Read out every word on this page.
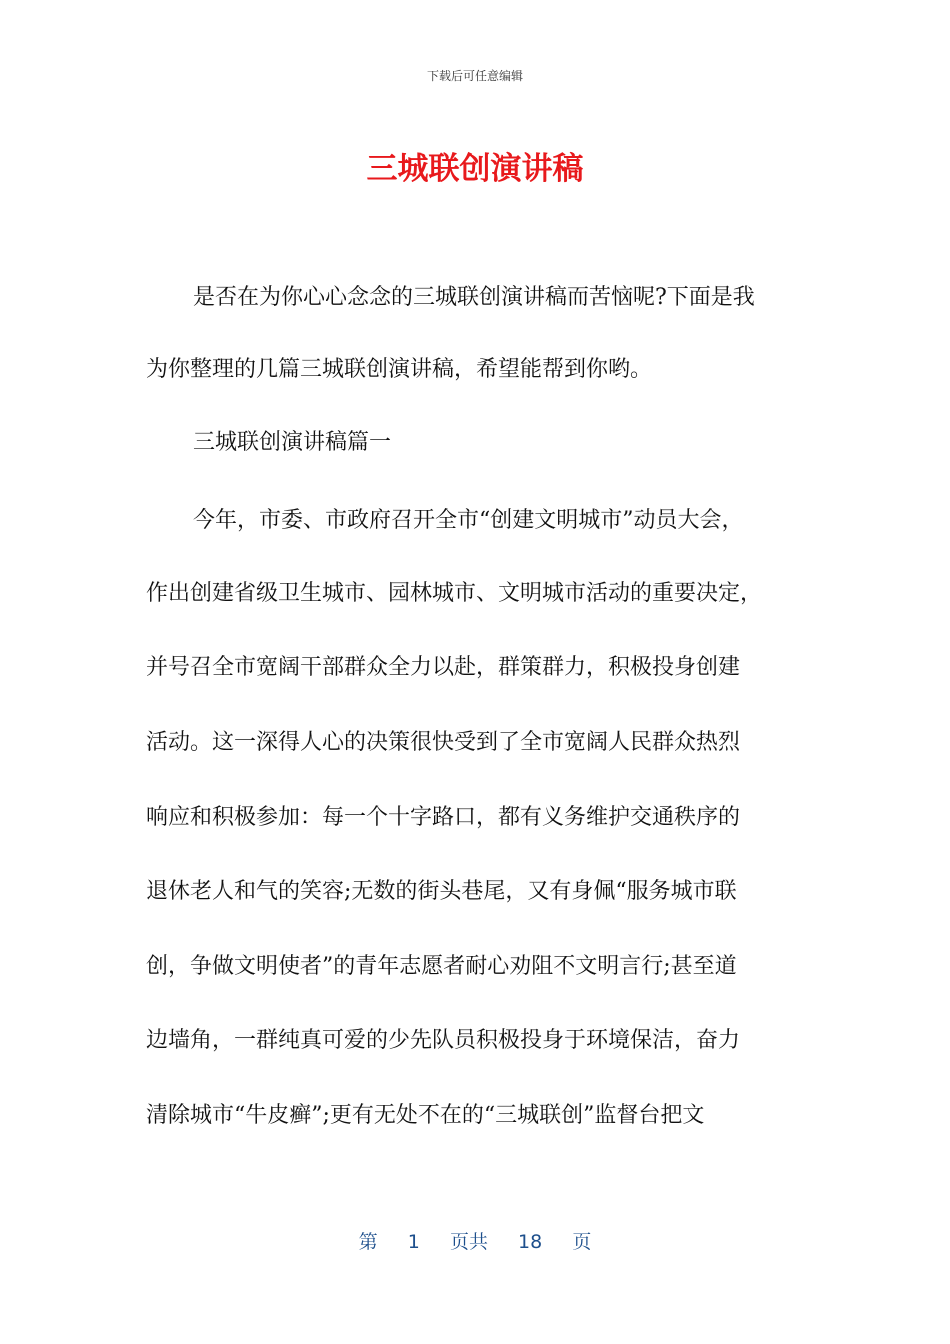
下载后可任意编辑
三城联创演讲稿
是否在为你心心念念的三城联创演讲稿而苦恼呢?下面是我
为你整理的几篇三城联创演讲稿，希望能帮到你哟。
三城联创演讲稿篇一
今年，市委、市政府召开全市“创建文明城市”动员大会，
作出创建省级卫生城市、园林城市、文明城市活动的重要决定，
并号召全市宽阔干部群众全力以赴，群策群力，积极投身创建
活动。这一深得人心的决策很快受到了全市宽阔人民群众热烈
响应和积极参加：每一个十字路口，都有义务维护交通秩序的
退休老人和气的笑容;无数的街头巷尾，又有身佩“服务城市联
创，争做文明使者”的青年志愿者耐心劝阻不文明言行;甚至道
边墙角，一群纯真可爱的少先队员积极投身于环境保洁，奋力
清除城市“牛皮癣”;更有无处不在的“三城联创”监督台把文
第 1 页共 18 页
